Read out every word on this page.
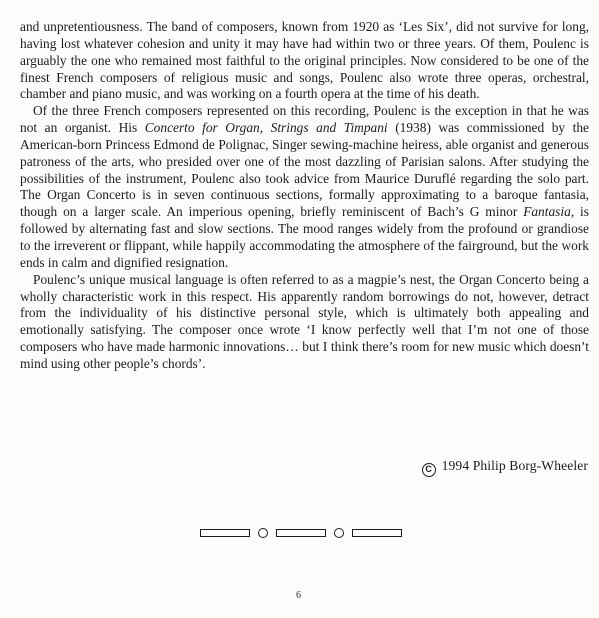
and unpretentiousness. The band of composers, known from 1920 as ‘Les Six’, did not survive for long, having lost whatever cohesion and unity it may have had within two or three years. Of them, Poulenc is arguably the one who remained most faithful to the original principles. Now considered to be one of the finest French composers of religious music and songs, Poulenc also wrote three operas, orchestral, chamber and piano music, and was working on a fourth opera at the time of his death.

Of the three French composers represented on this recording, Poulenc is the exception in that he was not an organist. His Concerto for Organ, Strings and Timpani (1938) was commissioned by the American-born Princess Edmond de Polignac, Singer sewing-machine heiress, able organist and generous patroness of the arts, who presided over one of the most dazzling of Parisian salons. After studying the possibilities of the instrument, Poulenc also took advice from Maurice Duruflé regarding the solo part. The Organ Concerto is in seven continuous sections, formally approximating to a baroque fantasia, though on a larger scale. An imperious opening, briefly reminiscent of Bach’s G minor Fantasia, is followed by alternating fast and slow sections. The mood ranges widely from the profound or grandiose to the irreverent or flippant, while happily accommodating the atmosphere of the fairground, but the work ends in calm and dignified resignation.

Poulenc’s unique musical language is often referred to as a magpie’s nest, the Organ Concerto being a wholly characteristic work in this respect. His apparently random borrowings do not, however, detract from the individuality of his distinctive personal style, which is ultimately both appealing and emotionally satisfying. The composer once wrote ‘I know perfectly well that I’m not one of those composers who have made harmonic innovations… but I think there’s room for new music which doesn’t mind using other people’s chords’.

C 1994 Philip Borg-Wheeler
6
